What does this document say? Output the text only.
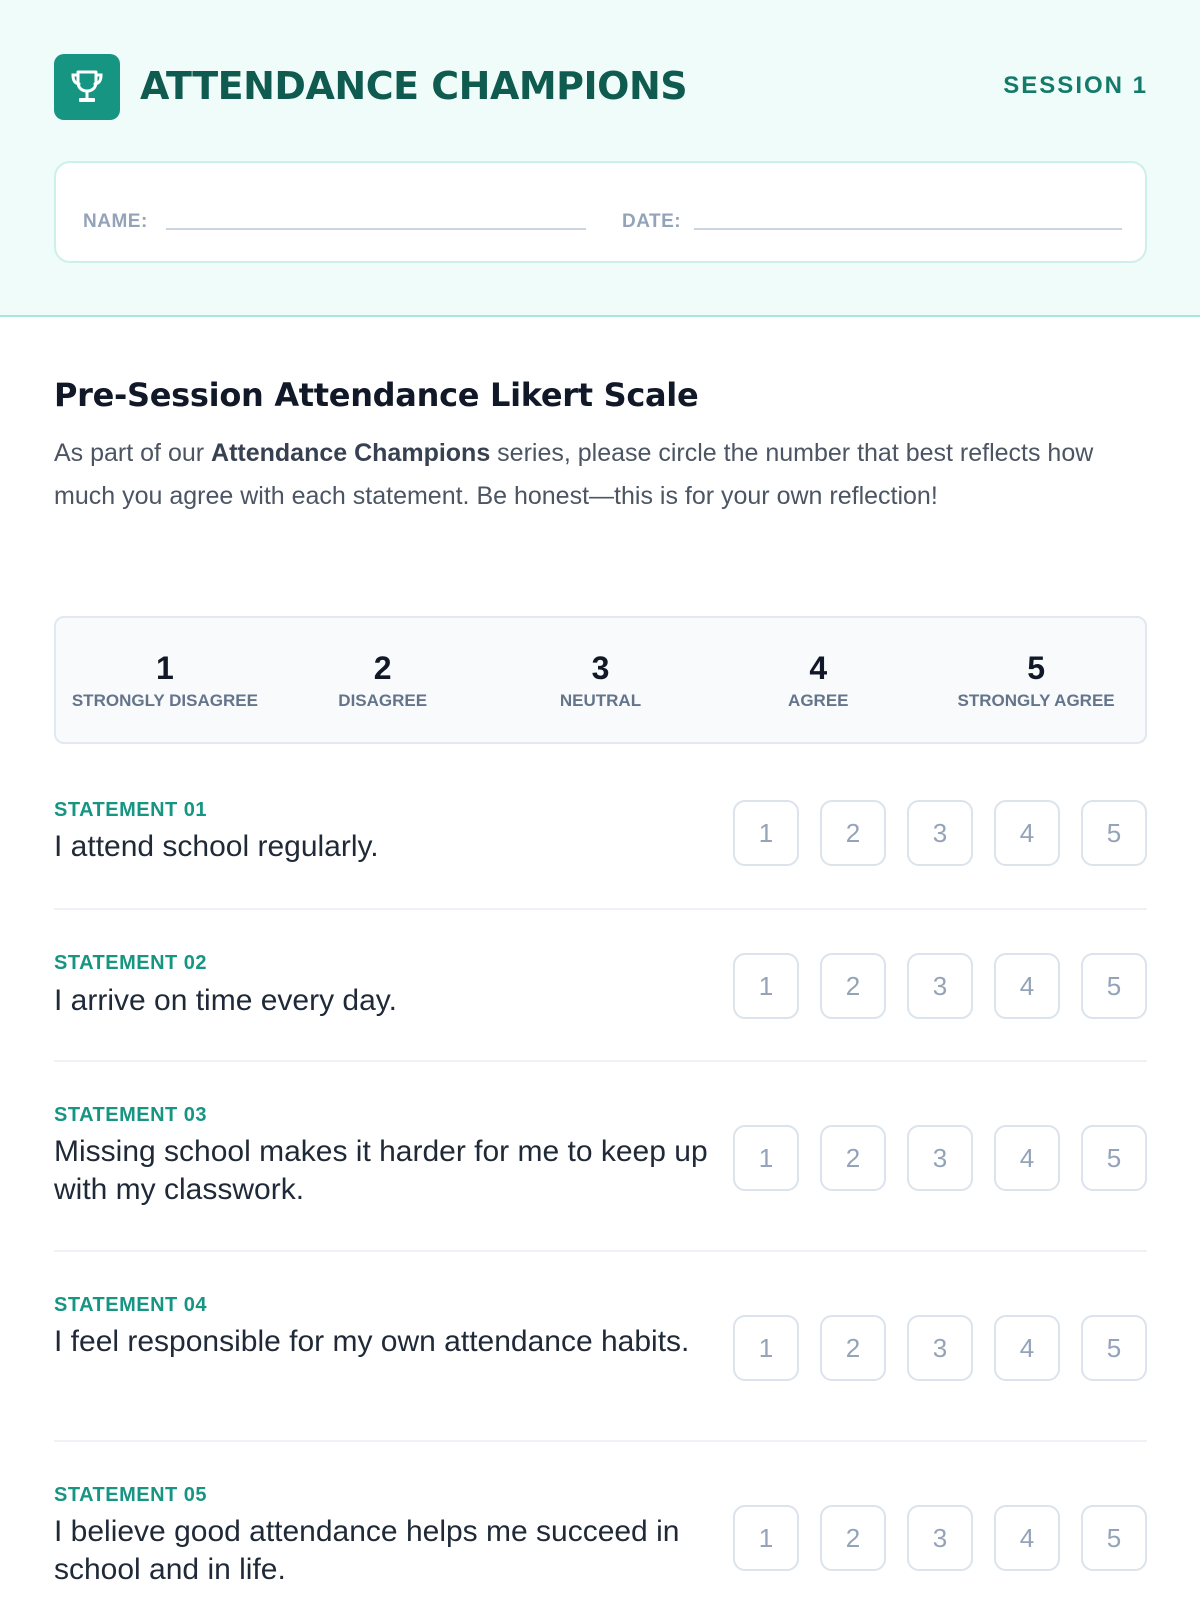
ATTENDANCE CHAMPIONS	SESSION 1
NAME:	DATE:
Pre-Session Attendance Likert Scale

As part of our Attendance Champions series, please circle the number that best reflects how much you agree with each statement. Be honest—this is for your own reflection!

1
STRONGLY DISAGREE
2
DISAGREE
3
NEUTRAL
4
AGREE
5
STRONGLY AGREE
STATEMENT 01
I attend school regularly.	1	2	3	4	5
STATEMENT 02
I arrive on time every day.	1	2	3	4	5
STATEMENT 03
Missing school makes it harder for me to keep up with my classwork.
1	2	3	4	5
STATEMENT 04
I feel responsible for my own attendance habits.	1	2	3	4	5
STATEMENT 05
I believe good attendance helps me succeed in school and in life.
1	2	3	4	5
